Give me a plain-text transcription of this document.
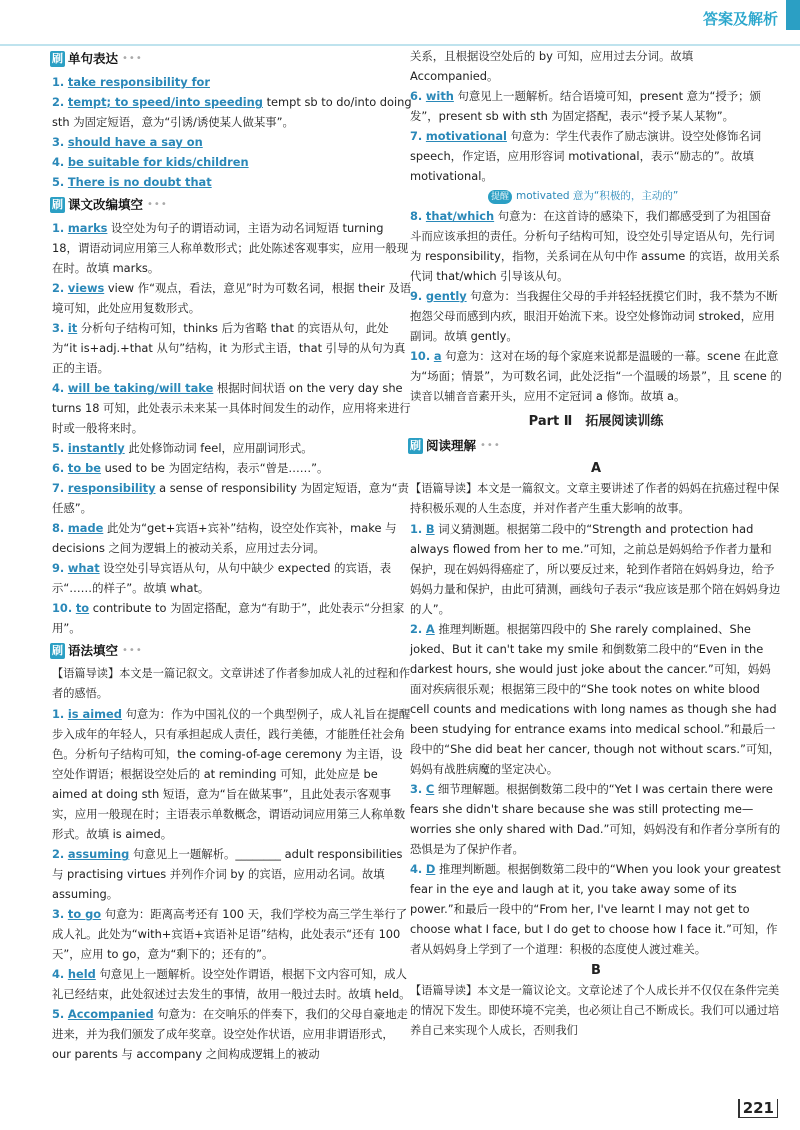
答案及解析
刷 单句表达 •••
1. take responsibility for
2. tempt; to speed/into speeding tempt sb to do/into doing sth 为固定短语，意为“引诱/诱使某人做某事”。
3. should have a say on
4. be suitable for kids/children
5. There is no doubt that
刷 课文改编填空 •••
1. marks 设空处为句子的谓语动词，主语为动名词短语 turning 18，谓语动词应用第三人称单数形式；此处陈述客观事实，应用一般现在时。故填 marks。
2. views view 作“观点，看法，意见”时为可数名词，根据 their 及语境可知，此处应用复数形式。
3. it 分析句子结构可知，thinks 后为省略 that 的宾语从句，此处为“it is+adj.+that 从句”结构，it 为形式主语，that 引导的从句为真正的主语。
4. will be taking/will take 根据时间状语 on the very day she turns 18 可知，此处表示未来某一具体时间发生的动作，应用将来进行时或一般将来时。
5. instantly 此处修饰动词 feel，应用副词形式。
6. to be used to be 为固定结构，表示“曾是……”。
7. responsibility a sense of responsibility 为固定短语，意为“责任感”。
8. made 此处为“get+宾语+宾补”结构，设空处作宾补，make 与 decisions 之间为逻辑上的被动关系，应用过去分词。
9. what 设空处引导宾语从句，从句中缺少 expected 的宾语，表示“……的样子”。故填 what。
10. to contribute to 为固定搭配，意为“有助于”，此处表示“分担家用”。
刷 语法填空 •••
【语篇导读】本文是一篇记叙文。文章讲述了作者参加成人礼的过程和作者的感悟。
1. is aimed 句意为：作为中国礼仪的一个典型例子，成人礼旨在提醒步入成年的年轻人，只有承担起成人责任，践行美德，才能胜任社会角色。分析句子结构可知，the coming-of-age ceremony 为主语，设空处作谓语；根据设空处后的 at reminding 可知，此处应是 be aimed at doing sth 短语，意为“旨在做某事”，且此处表示客观事实，应用一般现在时；主语表示单数概念，谓语动词应用第三人称单数形式。故填 is aimed。
2. assuming 句意见上一题解析。________ adult responsibilities 与 practising virtues 并列作介词 by 的宾语，应用动名词。故填 assuming。
3. to go 句意为：距离高考还有 100 天，我们学校为高三学生举行了成人礼。此处为“with+宾语+宾语补足语”结构，此处表示“还有 100 天”，应用 to go，意为“剩下的；还有的”。
4. held 句意见上一题解析。设空处作谓语，根据下文内容可知，成人礼已经结束，此处叙述过去发生的事情，故用一般过去时。故填 held。
5. Accompanied 句意为：在交响乐的伴奏下，我们的父母自豪地走进来，并为我们颁发了成年奖章。设空处作状语，应用非谓语形式，our parents 与 accompany 之间构成逻辑上的被动
关系，且根据设空处后的 by 可知，应用过去分词。故填 Accompanied。
6. with 句意见上一题解析。结合语境可知，present 意为“授予；颁发”，present sb with sth 为固定搭配，表示“授予某人某物”。
7. motivational 句意为：学生代表作了励志演讲。设空处修饰名词 speech，作定语，应用形容词 motivational，表示“励志的”。故填 motivational。
提醒 motivated 意为“积极的，主动的”
8. that/which 句意为：在这首诗的感染下，我们都感受到了为祖国奋斗而应该承担的责任。分析句子结构可知，设空处引导定语从句，先行词为 responsibility，指物，关系词在从句中作 assume 的宾语，故用关系代词 that/which 引导该从句。
9. gently 句意为：当我握住父母的手并轻轻抚摸它们时，我不禁为不断抱怨父母而感到内疚，眼泪开始流下来。设空处修饰动词 stroked，应用副词。故填 gently。
10. a 句意为：这对在场的每个家庭来说都是温暖的一幕。scene 在此意为“场面；情景”，为可数名词，此处泛指“一个温暖的场景”，且 scene 的读音以辅音音素开头，应用不定冠词 a 修饰。故填 a。
Part Ⅱ　拓展阅读训练
刷 阅读理解 •••
A
【语篇导读】本文是一篇叙文。文章主要讲述了作者的妈妈在抗癌过程中保持积极乐观的人生态度，并对作者产生重大影响的故事。
1. B 词义猜测题。根据第二段中的“Strength and protection had always flowed from her to me.”可知，之前总是妈妈给予作者力量和保护，现在妈妈得癌症了，所以要反过来，轮到作者陪在妈妈身边，给予妈妈力量和保护，由此可猜测，画线句子表示“我应该是那个陪在妈妈身边的人”。
2. A 推理判断题。根据第四段中的 She rarely complained、She joked、But it can't take my smile 和倒数第二段中的“Even in the darkest hours, she would just joke about the cancer.”可知，妈妈面对疾病很乐观；根据第三段中的“She took notes on white blood cell counts and medications with long names as though she had been studying for entrance exams into medical school.”和最后一段中的“She did beat her cancer, though not without scars.”可知，妈妈有战胜病魔的坚定决心。
3. C 细节理解题。根据倒数第二段中的“Yet I was certain there were fears she didn't share because she was still protecting me—worries she only shared with Dad.”可知，妈妈没有和作者分享所有的恐惧是为了保护作者。
4. D 推理判断题。根据倒数第二段中的“When you look your greatest fear in the eye and laugh at it, you take away some of its power.”和最后一段中的“From her, I've learnt I may not get to choose what I face, but I do get to choose how I face it.”可知，作者从妈妈身上学到了一个道理：积极的态度使人渡过难关。
B
【语篇导读】本文是一篇议论文。文章论述了个人成长并不仅仅在条件完美的情况下发生。即使环境不完美，也必须让自己不断成长。我们可以通过培养自己来实现个人成长，否则我们
221
